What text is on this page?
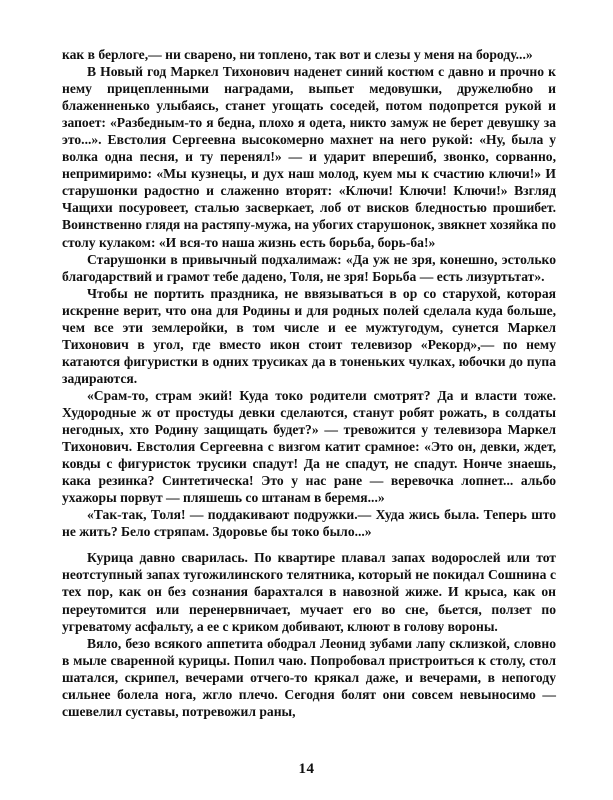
как в берлоге,— ни сварено, ни топлено, так вот и слезы у меня на бороду...»

В Новый год Маркел Тихонович наденет синий костюм с давно и прочно к нему прицепленными наградами, выпьет медовушки, дружелюбно и блаженненько улыбаясь, станет угощать соседей, потом подопрется рукой и запоет: «Разбедным-то я бедна, плохо я одета, никто замуж не берет девушку за это...». Евстолия Сергеевна высокомерно махнет на него рукой: «Ну, была у волка одна песня, и ту перенял!» — и ударит вперешиб, звонко, сорванно, непримиримо: «Мы кузнецы, и дух наш молод, куем мы к счастию ключи!» И старушонки радостно и слаженно вторят: «Ключи! Ключи! Ключи!» Взгляд Чащихи посуровеет, сталью засверкает, лоб от висков бледностью прошибет. Воинственно глядя на растяпу-мужа, на убогих старушонок, звякнет хозяйка по столу кулаком: «И вся-то наша жизнь есть борьба, борь-ба!»

Старушонки в привычный подхалимаж: «Да уж не зря, конешно, эстолько благодарствий и грамот тебе дадено, Толя, не зря! Борьба — есть лизуртьтат».

Чтобы не портить праздника, не ввязываться в ор со старухой, которая искренне верит, что она для Родины и для родных полей сделала куда больше, чем все эти землеройки, в том числе и ее мужтугодум, сунется Маркел Тихонович в угол, где вместо икон стоит телевизор «Рекорд»,— по нему катаются фигуристки в одних трусиках да в тоненьких чулках, юбочки до пупа задираются.

«Срам-то, страм экий! Куда токо родители смотрят? Да и власти тоже. Худородные ж от простуды девки сделаются, станут робят рожать, в солдаты негодных, хто Родину защищать будет?» — тревожится у телевизора Маркел Тихонович. Евстолия Сергеевна с визгом катит срамное: «Это он, девки, ждет, ковды с фигуристок трусики спадут! Да не спадут, не спадут. Нонче знаешь, кака резинка? Синтетическа! Это у нас ране — веревочка лопнет... альбо ухажоры порвут — пляшешь со штанам в беремя...»

«Так-так, Толя! — поддакивают подружки.— Худа жись была. Теперь што не жить? Бело стряпам. Здоровье бы токо было...»

Курица давно сварилась. По квартире плавал запах водорослей или тот неотступный запах тугожилинского телятника, который не покидал Сошнина с тех пор, как он без сознания барахтался в навозной жиже. И крыса, как он переутомится или перенервничает, мучает его во сне, бьется, ползет по угреватому асфальту, а ее с криком добивают, клюют в голову вороны.

Вяло, безо всякого аппетита ободрал Леонид зубами лапу склизкой, словно в мыле сваренной курицы. Попил чаю. Попробовал пристроиться к столу, стол шатался, скрипел, вечерами отчего-то крякал даже, и вечерами, в непогоду сильнее болела нога, жгло плечо. Сегодня болят они совсем невыносимо — сшевелил суставы, потревожил раны,

14
